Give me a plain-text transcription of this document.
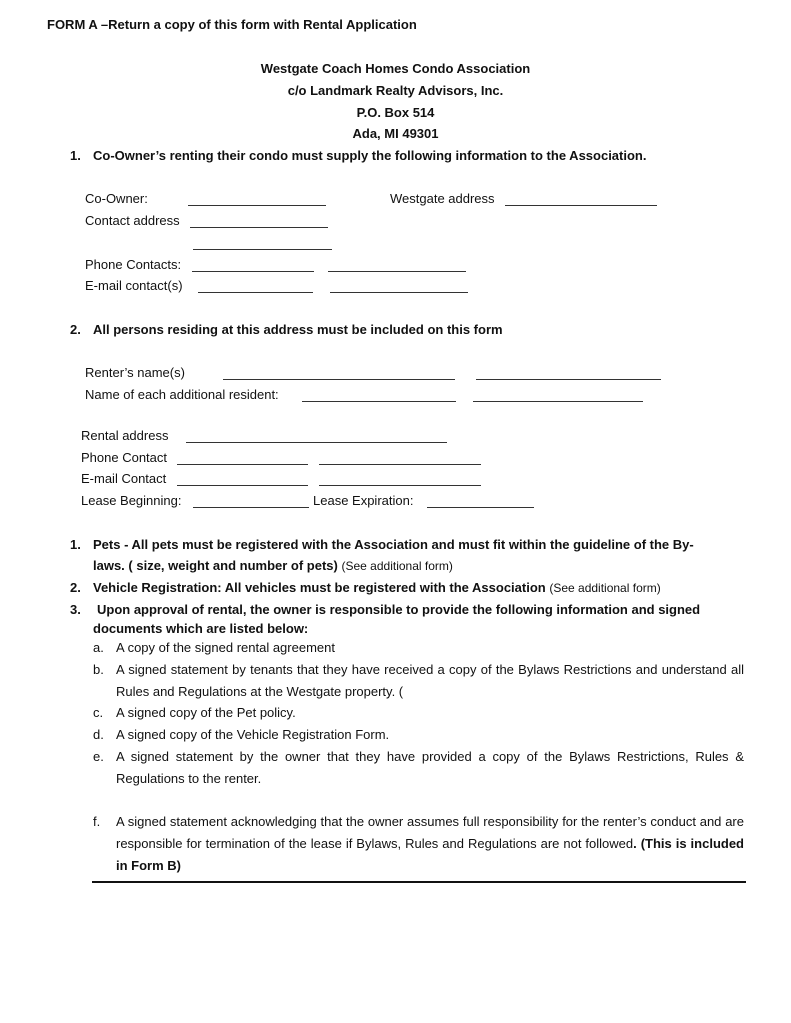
FORM A –Return a copy of this form with Rental Application
Westgate Coach Homes Condo Association
c/o Landmark Realty Advisors, Inc.
P.O. Box 514
Ada, MI 49301
1. Co-Owner’s renting their condo must supply the following information to the Association.
Co-Owner:	Westgate address
Contact address
Phone Contacts:
E-mail contact(s)
2. All persons residing at this address must be included on this form
Renter’s name(s)
Name of each additional resident:
Rental address
Phone Contact
E-mail Contact
Lease Beginning:	Lease Expiration:
1. Pets - All pets must be registered with the Association and must fit within the guideline of the By-
laws. ( size, weight and number of pets) (See additional form)
2. Vehicle Registration: All vehicles must be registered with the Association (See additional form)
3. Upon approval of rental, the owner is responsible to provide the following information and signed
documents which are listed below:
a. A copy of the signed rental agreement
b. A signed statement by tenants that they have received a copy of the Bylaws Restrictions and understand all Rules and Regulations at the Westgate property. (
c. A signed copy of the Pet policy.
d. A signed copy of the Vehicle Registration Form.
e. A signed statement by the owner that they have provided a copy of the Bylaws Restrictions, Rules & Regulations to the renter.
f. A signed statement acknowledging that the owner assumes full responsibility for the renter’s conduct and are responsible for termination of the lease if Bylaws, Rules and Regulations are not followed. (This is included in Form B)
